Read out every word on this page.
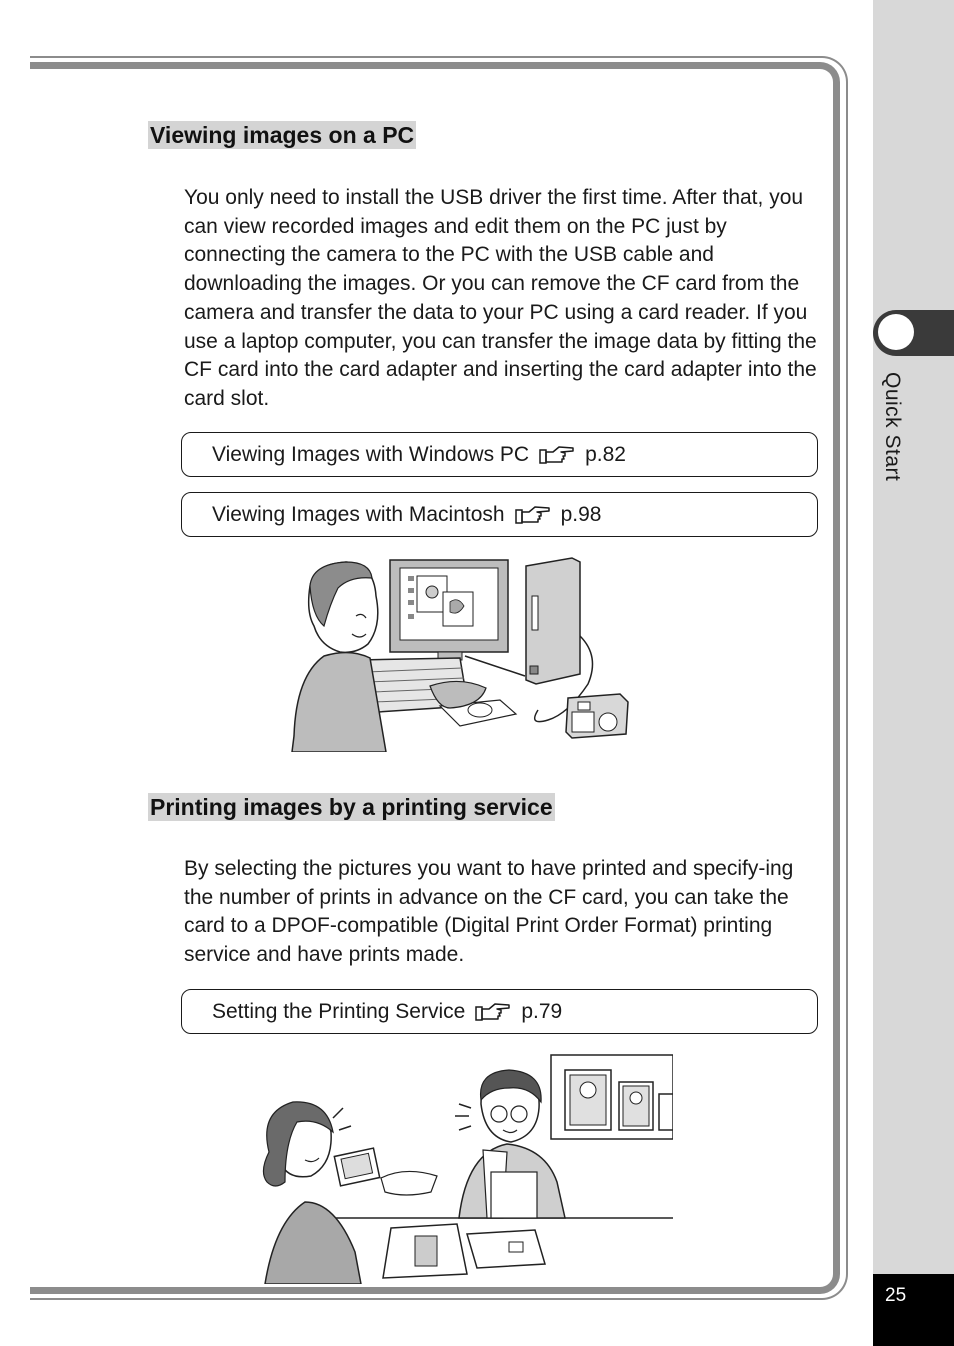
Quick Start
25
Viewing images on a PC
You only need to install the USB driver the first time. After that, you can view recorded images and edit them on the PC just by connecting the camera to the PC with the USB cable and downloading the images. Or you can remove the CF card from the camera and transfer the data to your PC using a card reader. If you use a laptop computer, you can transfer the image data by fitting the CF card into the card adapter and inserting the card adapter into the card slot.
Viewing Images with Windows PC	p.82
Viewing Images with Macintosh	p.98
Printing images by a printing service
By selecting the pictures you want to have printed and specify-ing the number of prints in advance on the CF card, you can take the card to a DPOF-compatible (Digital Print Order Format) printing service and have prints made.
Setting the Printing Service	p.79
